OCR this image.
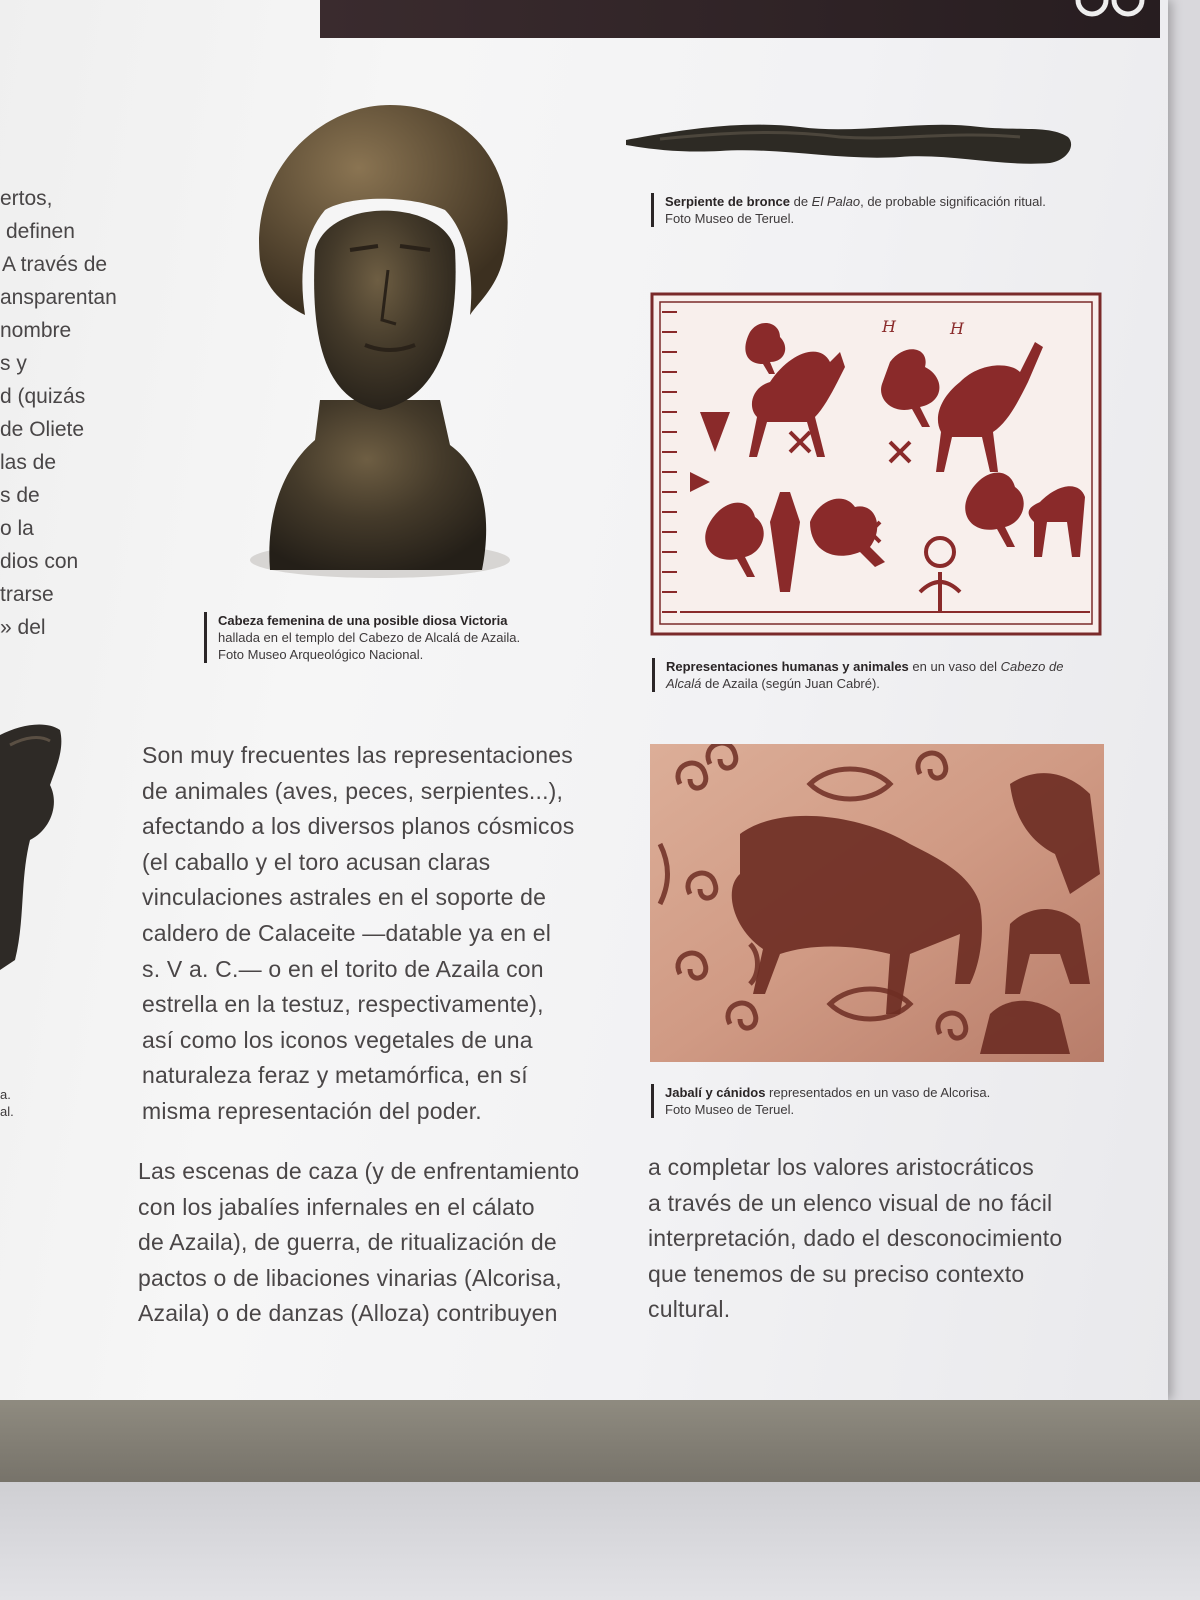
ertos,
definen
A través de
ansparentan
nombre
s y
d (quizás
de Oliete
las de
s de
o la
dios con
trarse
» del	Cabeza femenina de una posible diosa Victoria
hallada en el templo del Cabezo de Alcalá de Azaila.
Foto Museo Arqueológico Nacional.
Serpiente de bronce de El Palao, de probable significación ritual.
Foto Museo de Teruel.
H	H
Representaciones humanas y animales en un vaso del Cabezo de
Alcalá de Azaila (según Juan Cabré).
a.
al.
Son muy frecuentes las representaciones
de animales (aves, peces, serpientes...),
afectando a los diversos planos cósmicos
(el caballo y el toro acusan claras
vinculaciones astrales en el soporte de
caldero de Calaceite —datable ya en el
s. V a. C.— o en el torito de Azaila con
estrella en la testuz, respectivamente),
así como los iconos vegetales de una
naturaleza feraz y metamórfica, en sí
misma representación del poder.
Jabalí y cánidos representados en un vaso de Alcorisa.
Foto Museo de Teruel.
Las escenas de caza (y de enfrentamiento
con los jabalíes infernales en el cálato
de Azaila), de guerra, de ritualización de
pactos o de libaciones vinarias (Alcorisa,
Azaila) o de danzas (Alloza) contribuyen
a completar los valores aristocráticos
a través de un elenco visual de no fácil
interpretación, dado el desconocimiento
que tenemos de su preciso contexto
cultural.
